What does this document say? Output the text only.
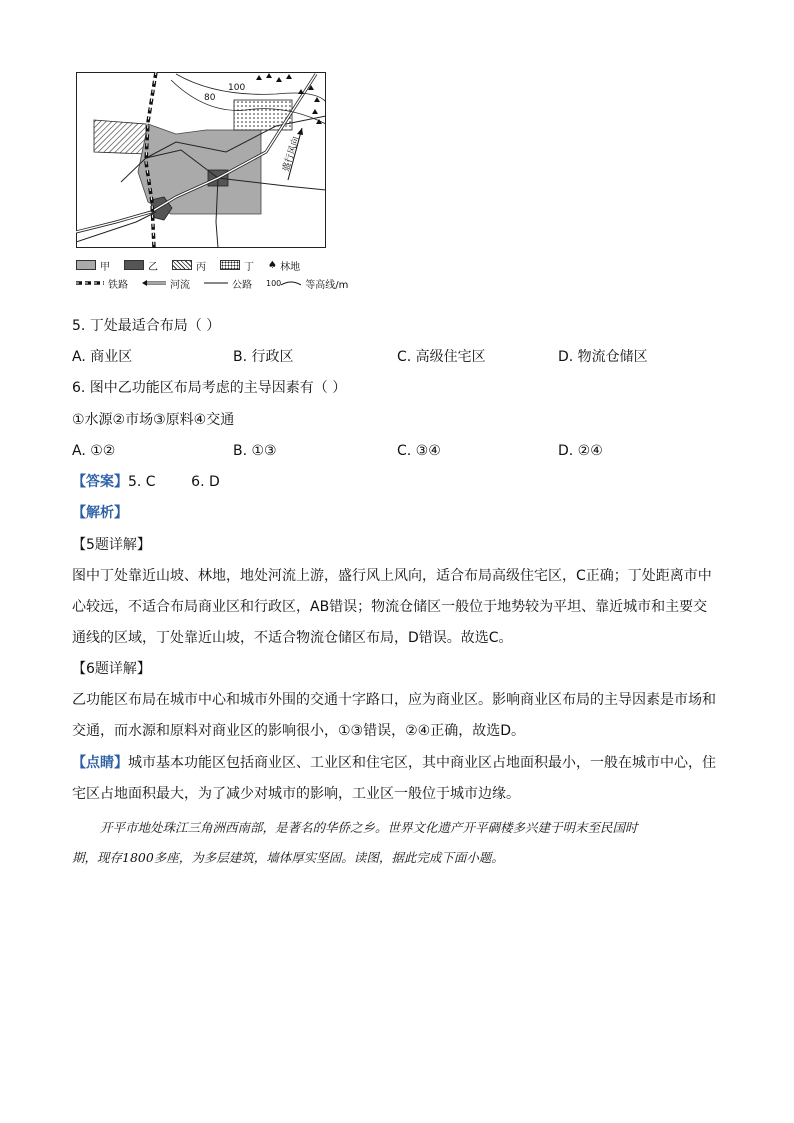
100
80
盛行风向
甲	乙	丙	丁 ♠
林地
铁路	河流	公路 100 等高线/m
5. 丁处最适合布局（ ）
A. 商业区	B. 行政区	C. 高级住宅区	D. 物流仓储区
6. 图中乙功能区布局考虑的主导因素有（ ）
①水源②市场③原料④交通
A. ①②	B. ①③	C. ③④	D. ②④
【答案】5. C        6. D
【解析】
【5题详解】
图中丁处靠近山坡、林地，地处河流上游，盛行风上风向，适合布局高级住宅区，C正确；丁处距离市中
心较远，不适合布局商业区和行政区，AB错误；物流仓储区一般位于地势较为平坦、靠近城市和主要交
通线的区域，丁处靠近山坡，不适合物流仓储区布局，D错误。故选C。
【6题详解】
乙功能区布局在城市中心和城市外围的交通十字路口，应为商业区。影响商业区布局的主导因素是市场和
交通，而水源和原料对商业区的影响很小，①③错误，②④正确，故选D。
【点睛】城市基本功能区包括商业区、工业区和住宅区，其中商业区占地面积最小，一般在城市中心，住
宅区占地面积最大，为了减少对城市的影响，工业区一般位于城市边缘。
开平市地处珠江三角洲西南部，是著名的华侨之乡。世界文化遗产开平碉楼多兴建于明末至民国时
期，现存1800多座，为多层建筑，墙体厚实坚固。读图，据此完成下面小题。
